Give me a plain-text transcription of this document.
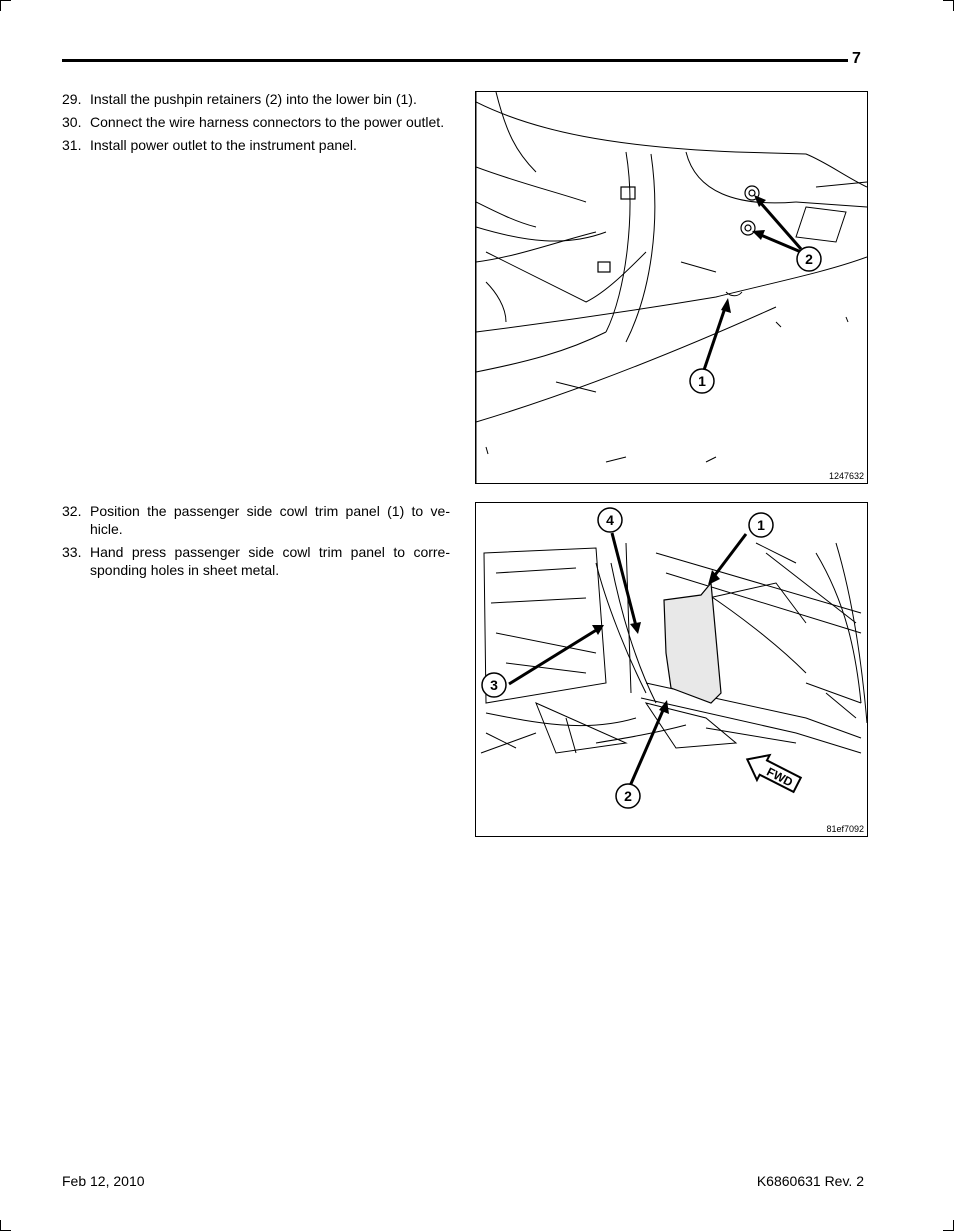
7
29. Install the pushpin retainers (2) into the lower bin (1).
30. Connect the wire harness connectors to the power outlet.
31. Install power outlet to the instrument panel.
2
1
1247632
32. Position the passenger side cowl trim panel (1) to ve-hicle.
33. Hand press passenger side cowl trim panel to corre-sponding holes in sheet metal.
4	1
3
2
FWD
81ef7092
Feb 12, 2010	K6860631 Rev. 2
